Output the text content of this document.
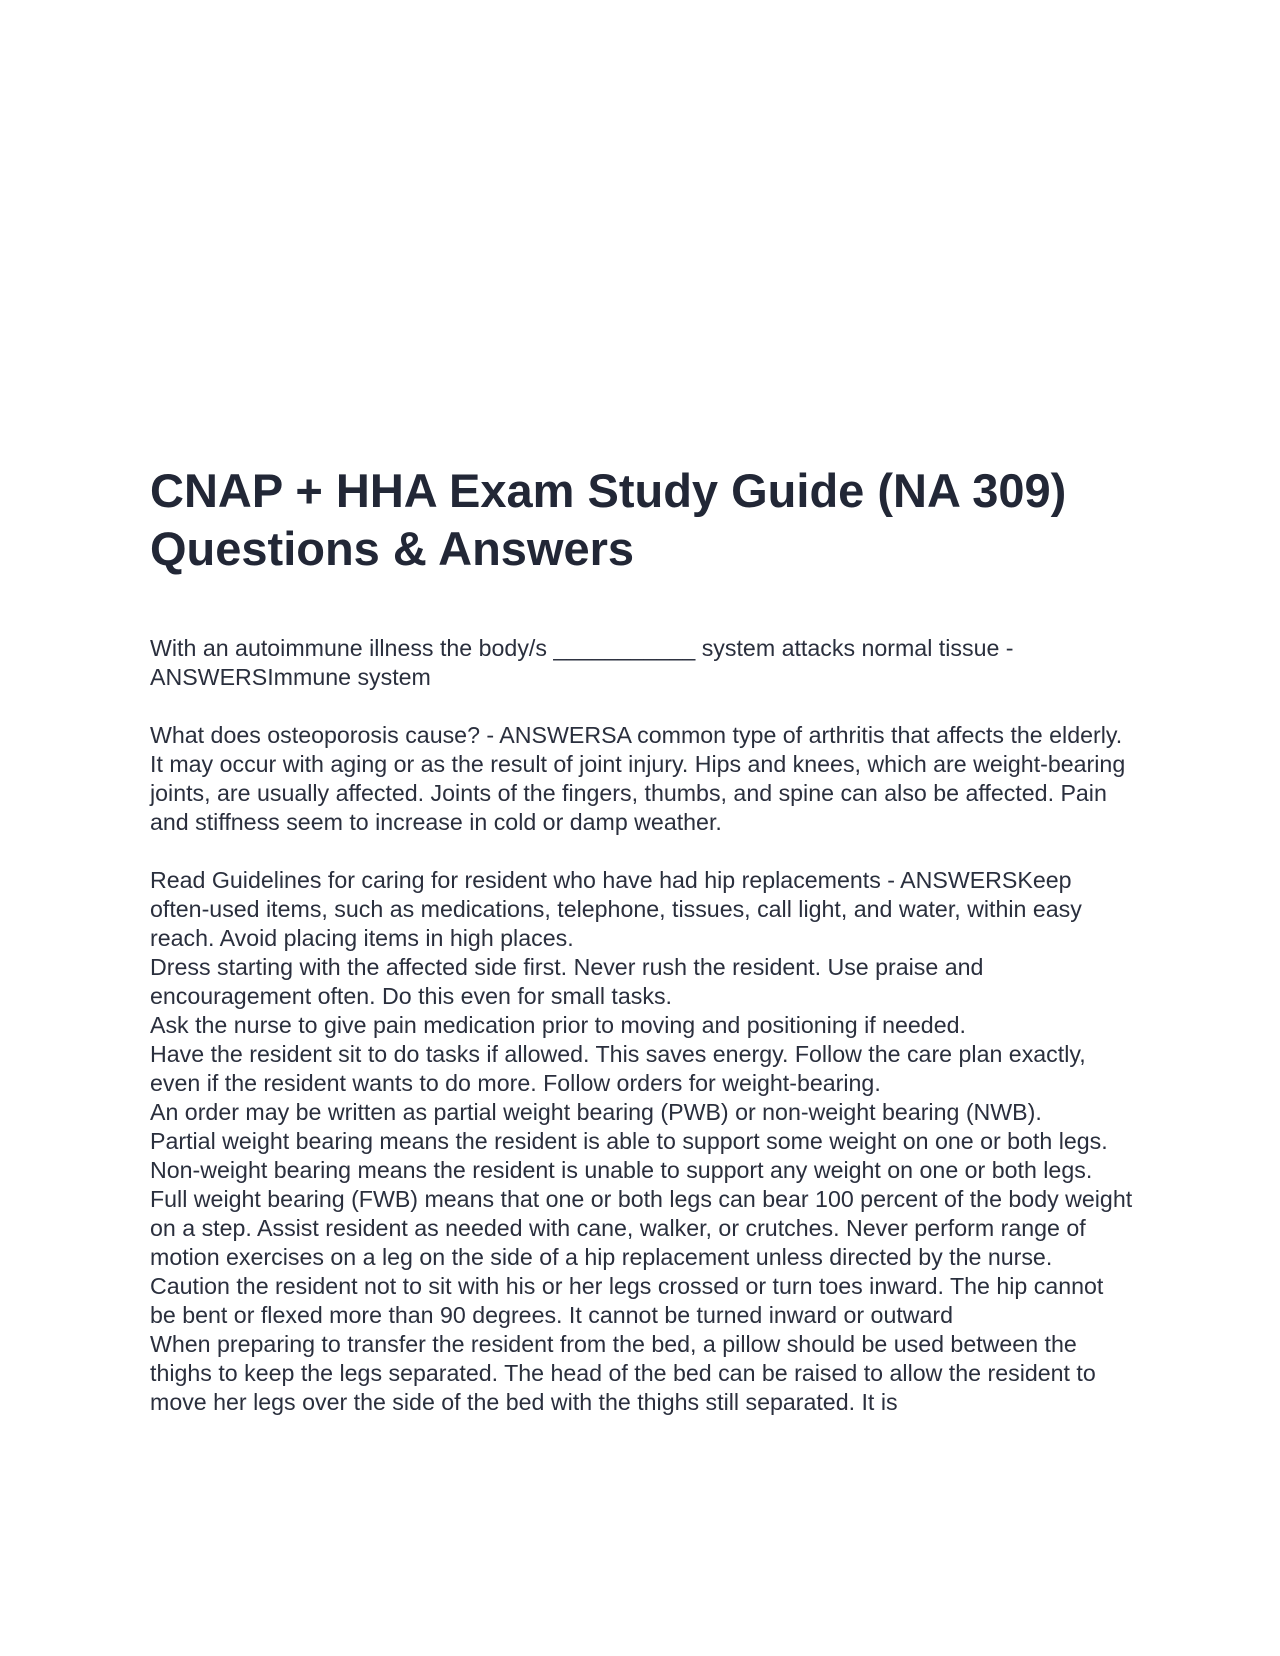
CNAP + HHA Exam Study Guide (NA 309)
Questions & Answers

With an autoimmune illness the body/s ___________ system attacks normal tissue - ANSWERSImmune system

What does osteoporosis cause? - ANSWERSA common type of arthritis that affects the elderly. It may occur with aging or as the result of joint injury. Hips and knees, which are weight-bearing joints, are usually affected. Joints of the fingers, thumbs, and spine can also be affected. Pain and stiffness seem to increase in cold or damp weather.

Read Guidelines for caring for resident who have had hip replacements - ANSWERSKeep often-used items, such as medications, telephone, tissues, call light, and water, within easy reach. Avoid placing items in high places.

Dress starting with the affected side first. Never rush the resident. Use praise and encouragement often. Do this even for small tasks.

Ask the nurse to give pain medication prior to moving and positioning if needed.

Have the resident sit to do tasks if allowed. This saves energy. Follow the care plan exactly, even if the resident wants to do more. Follow orders for weight-bearing.

An order may be written as partial weight bearing (PWB) or non-weight bearing (NWB).

Partial weight bearing means the resident is able to support some weight on one or both legs.

Non-weight bearing means the resident is unable to support any weight on one or both legs.

Full weight bearing (FWB) means that one or both legs can bear 100 percent of the body weight on a step. Assist resident as needed with cane, walker, or crutches. Never perform range of motion exercises on a leg on the side of a hip replacement unless directed by the nurse. Caution the resident not to sit with his or her legs crossed or turn toes inward. The hip cannot be bent or flexed more than 90 degrees. It cannot be turned inward or outward

When preparing to transfer the resident from the bed, a pillow should be used between the thighs to keep the legs separated. The head of the bed can be raised to allow the resident to move her legs over the side of the bed with the thighs still separated. It is
